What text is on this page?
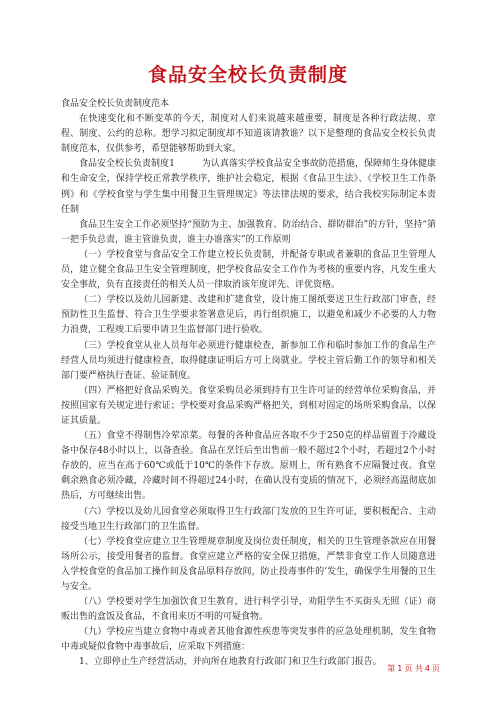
食品安全校长负责制度

食品安全校长负责制度范本

在快速变化和不断变革的今天，制度对人们来说越来越重要，制度是各种行政法规、章程、制度、公约的总称。想学习拟定制度却不知道该请教谁？以下是整理的食品安全校长负责制度范本，仅供参考，希望能够帮助到大家。

食品安全校长负责制度1　　　为认真落实学校食品安全事故防范措施，保障师生身体健康和生命安全，保持学校正常教学秩序，维护社会稳定，根据《食品卫生法》、《学校卫生工作条例》和《学校食堂与学生集中用餐卫生管理规定》等法律法规的要求，结合我校实际制定本责任制

食品卫生安全工作必须坚持“预防为主、加强教育、防治结合、群防群治”的方针，坚持“第一把手负总责，谁主管谁负责，谁主办谁落实”的工作原则

（一）学校食堂与食品安全工作建立校长负责制，并配备专职或者兼职的食品卫生管理人员，建立健全食品卫生安全管理制度，把学校食品安全工作作为考核的重要内容，凡发生重大安全事故，负有直接责任的相关人员一律取消该年度评先、评优资格。

（二）学校以及幼儿园新建、改建和扩建食堂，设计施工图纸要送卫生行政部门审查，经预防性卫生监督、符合卫生学要求签署意见后，再行组织施工，以避免和减少不必要的人力物力浪费，工程竣工后要申请卫生监督部门进行验收。

（三）学校食堂从业人员每年必须进行健康检查，新参加工作和临时参加工作的食品生产经营人员均须进行健康检查，取得健康证明后方可上岗就业。学校主管后勤工作的领导和相关部门要严格执行查证、验证制度。

（四）严格把好食品采购关。食堂采购员必须到持有卫生许可证的经营单位采购食品，并按照国家有关规定进行索证；学校要对食品采购严格把关，到相对固定的场所采购食品，以保证其质量。

（五）食堂不得制售冷荤凉菜。每餐的各种食品应各取不少于250克的样品留置于冷藏设备中保存48小时以上，以备查验。食品在烹饪后至出售前一般不超过2个小时，若超过2个小时存放的，应当在高于60℃或低于10℃的条件下存放。原则上，所有熟食不应隔餐过夜。食堂剩余熟食必须冷藏，冷藏时间不得超过24小时，在确认没有变质的情况下，必须经高温彻底加热后，方可继续出售。

（六）学校以及幼儿园食堂必须取得卫生行政部门发放的卫生许可证，要积极配合、主动接受当地卫生行政部门的卫生监督。

（七）学校食堂应建立卫生管理规章制度及岗位责任制度，相关的卫生管理条款应在用餐场所公示，接受用餐者的监督。食堂应建立严格的安全保卫措施，严禁非食堂工作人员随意进入学校食堂的食品加工操作间及食品原料存放间，防止投毒事件的’发生，确保学生用餐的卫生与安全。

（八）学校要对学生加强饮食卫生教育，进行科学引导，劝阻学生不买街头无照（证）商贩出售的盒饭及食品，不食用来历不明的可疑食物。

（九）学校应当建立食物中毒或者其他食源性疾患等突发事件的应急处理机制，发生食物中毒或疑似食物中毒事故后，应采取下列措施：

1、立即停止生产经营活动，并向所在地教育行政部门和卫生行政部门报告。

第 1 页 共 4 页
